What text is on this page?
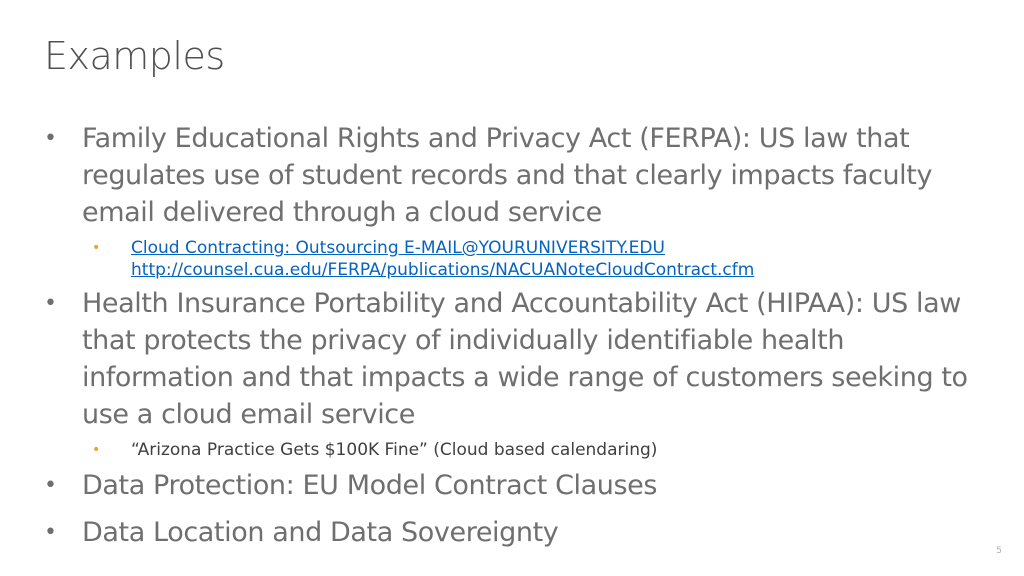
Examples
• Family Educational Rights and Privacy Act (FERPA): US law that regulates use of student records and that clearly impacts faculty email delivered through a cloud service
• Cloud Contracting: Outsourcing E-MAIL@YOURUNIVERSITY.EDU
http://counsel.cua.edu/FERPA/publications/NACUANoteCloudContract.cfm
• Health Insurance Portability and Accountability Act (HIPAA): US law that protects the privacy of individually identifiable health information and that impacts a wide range of customers seeking to use a cloud email service
• “Arizona Practice Gets $100K Fine” (Cloud based calendaring)
• Data Protection: EU Model Contract Clauses
• Data Location and Data Sovereignty
5
